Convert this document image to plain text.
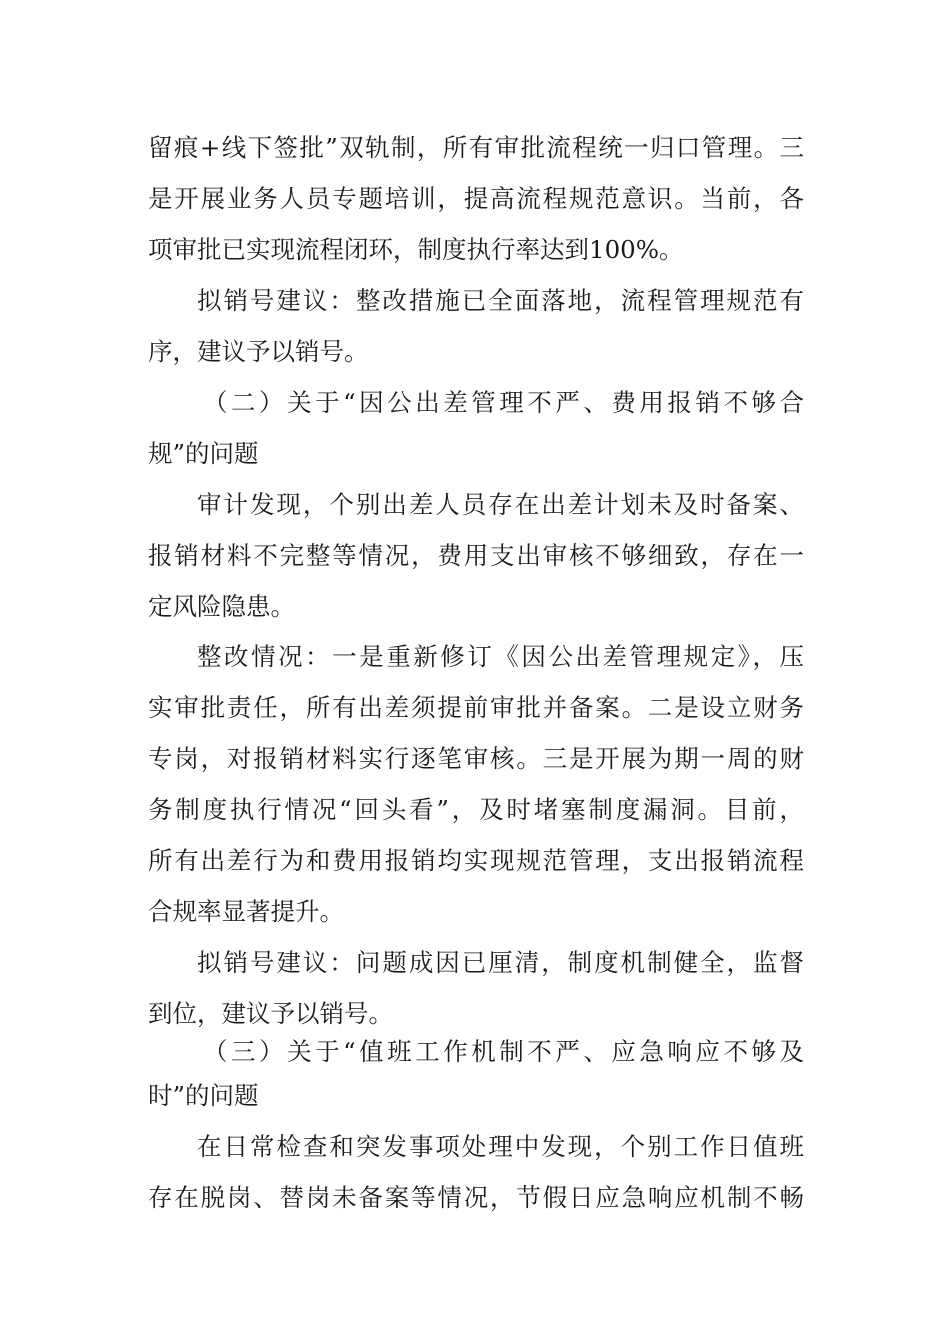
留痕+线下签批”双轨制，所有审批流程统一归口管理。三
是开展业务人员专题培训，提高流程规范意识。当前，各
项审批已实现流程闭环，制度执行率达到100%。
拟销号建议：整改措施已全面落地，流程管理规范有
序，建议予以销号。
（二）关于“因公出差管理不严、费用报销不够合
规”的问题
审计发现，个别出差人员存在出差计划未及时备案、
报销材料不完整等情况，费用支出审核不够细致，存在一
定风险隐患。
整改情况：一是重新修订《因公出差管理规定》，压
实审批责任，所有出差须提前审批并备案。二是设立财务
专岗，对报销材料实行逐笔审核。三是开展为期一周的财
务制度执行情况“回头看”，及时堵塞制度漏洞。目前，
所有出差行为和费用报销均实现规范管理，支出报销流程
合规率显著提升。
拟销号建议：问题成因已厘清，制度机制健全，监督
到位，建议予以销号。
（三）关于“值班工作机制不严、应急响应不够及
时”的问题
在日常检查和突发事项处理中发现，个别工作日值班
存在脱岗、替岗未备案等情况，节假日应急响应机制不畅
